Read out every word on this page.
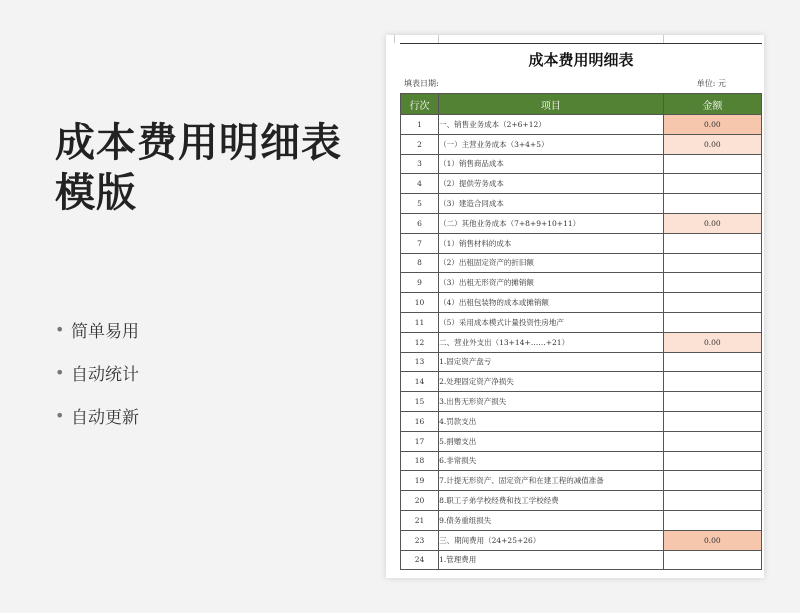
成本费用明细表
模版
• 简单易用
• 自动统计
• 自动更新
成本费用明细表
填表日期:	单位: 元
行次	项目	金额
1	一、销售业务成本（2+6+12）	0.00
2	（一）主营业务成本（3+4+5）	0.00
3	（1）销售商品成本	
4	（2）提供劳务成本	
5	（3）建造合同成本	
6	（二）其他业务成本（7+8+9+10+11）	0.00
7	（1）销售材料的成本	
8	（2）出租固定资产的折旧额	
9	（3）出租无形资产的摊销额	
10	（4）出租包装物的成本或摊销额	
11	（5）采用成本模式计量投资性房地产	
12	二、营业外支出（13+14+……+21）	0.00
13	1.固定资产盘亏	
14	2.处理固定资产净损失	
15	3.出售无形资产损失	
16	4.罚款支出	
17	5.捐赠支出	
18	6.非常损失	
19	7.计提无形资产、固定资产和在建工程的减值准备	
20	8.职工子弟学校经费和技工学校经费	
21	9.债务重组损失	
23	三、期间费用（24+25+26）	0.00
24	1.管理费用	
